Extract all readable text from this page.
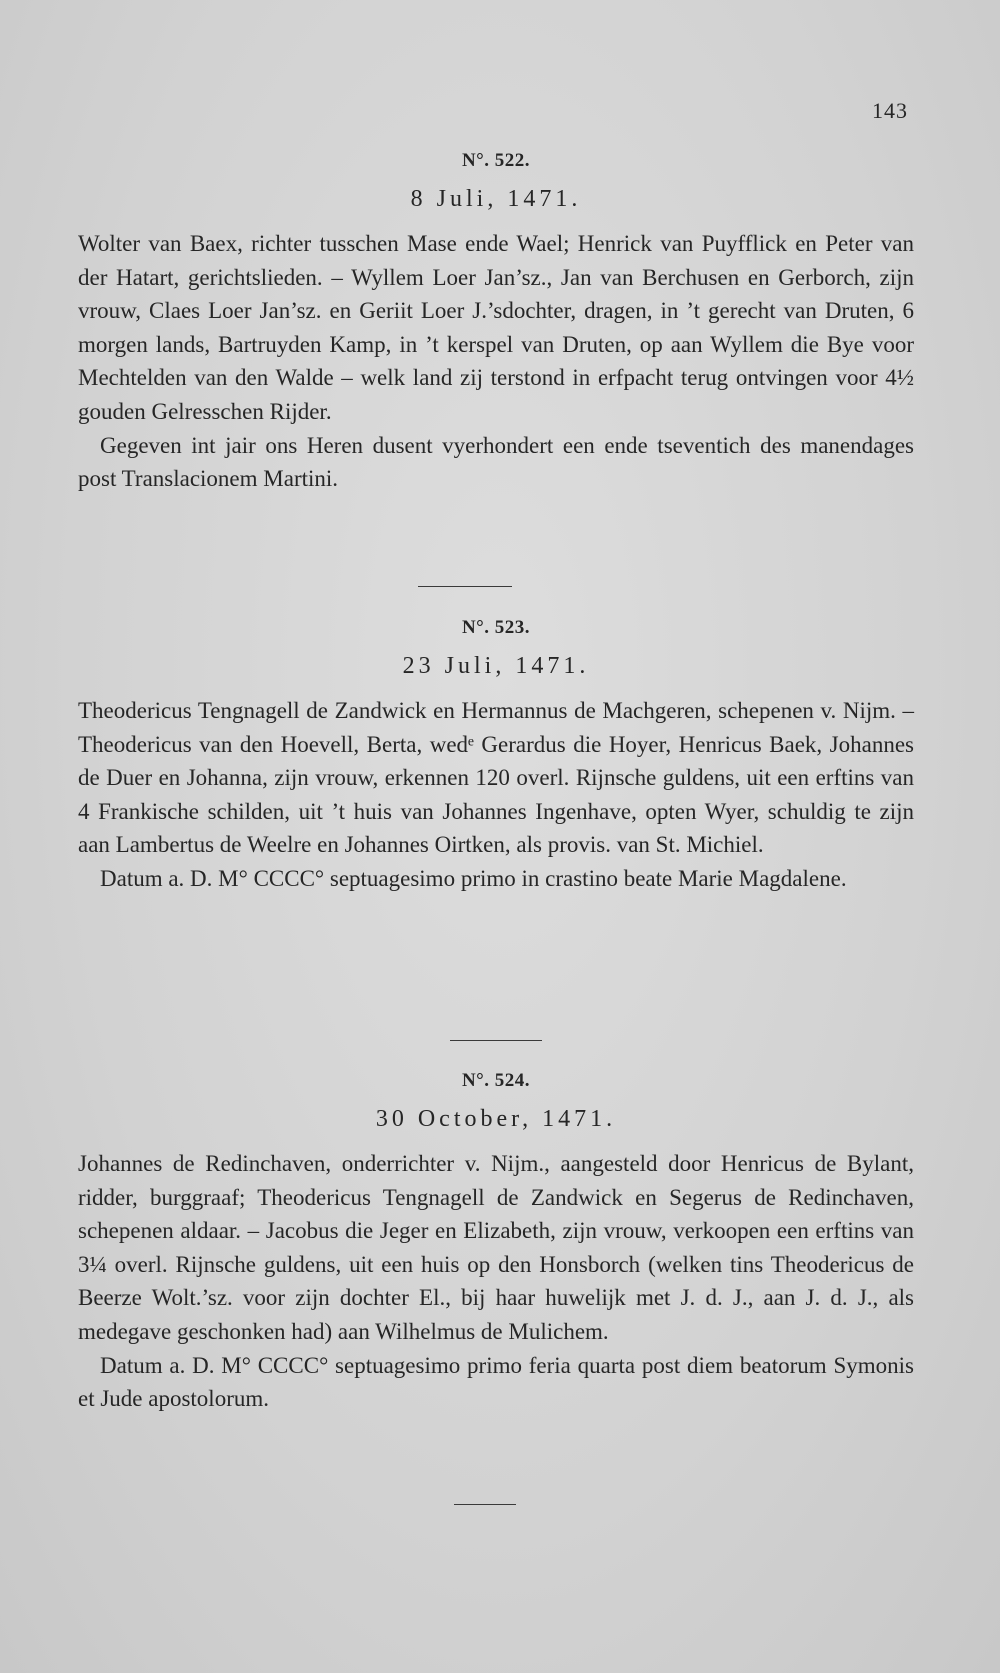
143
N°. 522.
8 Juli, 1471.

Wolter van Baex, richter tusschen Mase ende Wael; Henrick van Puyfflick en Peter van der Hatart, gerichtslieden. – Wyllem Loer Jan’sz., Jan van Berchusen en Gerborch, zijn vrouw, Claes Loer Jan’sz. en Geriit Loer J.’sdochter, dragen, in ’t gerecht van Druten, 6 morgen lands, Bartruyden Kamp, in ’t kerspel van Druten, op aan Wyllem die Bye voor Mechtelden van den Walde – welk land zij terstond in erfpacht terug ontvingen voor 4½ gouden Gelresschen Rijder.

Gegeven int jair ons Heren dusent vyerhondert een ende tseventich des manendages post Translacionem Martini.

N°. 523.
23 Juli, 1471.

Theodericus Tengnagell de Zandwick en Hermannus de Machgeren, schepenen v. Nijm. – Theodericus van den Hoevell, Berta, wedᵉ Gerardus die Hoyer, Henricus Baek, Johannes de Duer en Johanna, zijn vrouw, erkennen 120 overl. Rijnsche guldens, uit een erftins van 4 Frankische schilden, uit ’t huis van Johannes Ingenhave, opten Wyer, schuldig te zijn aan Lambertus de Weelre en Johannes Oirtken, als provis. van St. Michiel.

Datum a. D. M° CCCC° septuagesimo primo in crastino beate Marie Magdalene.

N°. 524.
30 October, 1471.

Johannes de Redinchaven, onderrichter v. Nijm., aangesteld door Henricus de Bylant, ridder, burggraaf; Theodericus Tengnagell de Zandwick en Segerus de Redinchaven, schepenen aldaar. – Jacobus die Jeger en Elizabeth, zijn vrouw, verkoopen een erftins van 3¼ overl. Rijnsche guldens, uit een huis op den Honsborch (welken tins Theodericus de Beerze Wolt.’sz. voor zijn dochter El., bij haar huwelijk met J. d. J., aan J. d. J., als medegave geschonken had) aan Wilhelmus de Mulichem.

Datum a. D. M° CCCC° septuagesimo primo feria quarta post diem beatorum Symonis et Jude apostolorum.
